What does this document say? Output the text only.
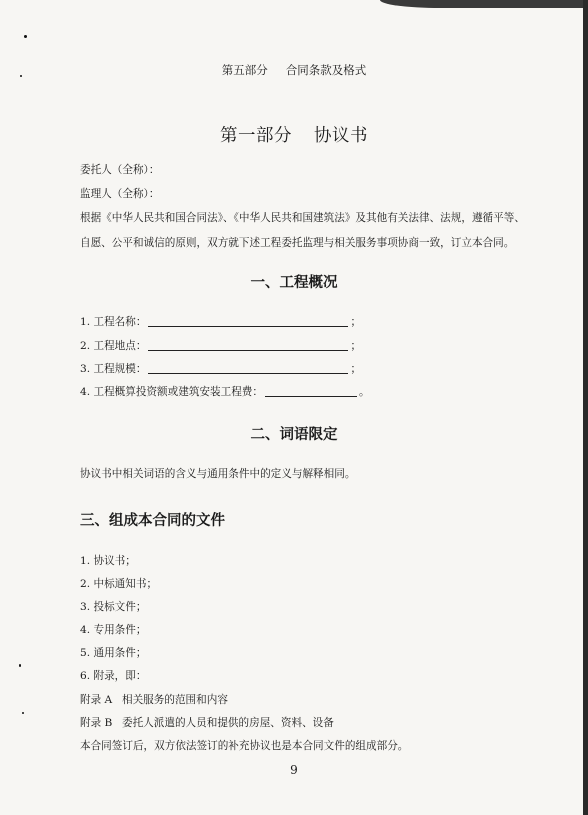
第五部分 合同条款及格式
第一部分 协议书
委托人（全称）：
监理人（全称）：
根据《中华人民共和国合同法》、《中华人民共和国建筑法》及其他有关法律、法规，遵循平等、
自愿、公平和诚信的原则，双方就下述工程委托监理与相关服务事项协商一致，订立本合同。
一、工程概况
1. 工程名称：	；
2. 工程地点：	；
3. 工程规模：	；
4. 工程概算投资额或建筑安装工程费：	。
二、词语限定
协议书中相关词语的含义与通用条件中的定义与解释相同。
三、组成本合同的文件
1. 协议书；
2. 中标通知书；
3. 投标文件；
4. 专用条件；
5. 通用条件；
6. 附录，即：
附录 A 相关服务的范围和内容
附录 B 委托人派遣的人员和提供的房屋、资料、设备
本合同签订后，双方依法签订的补充协议也是本合同文件的组成部分。
9
